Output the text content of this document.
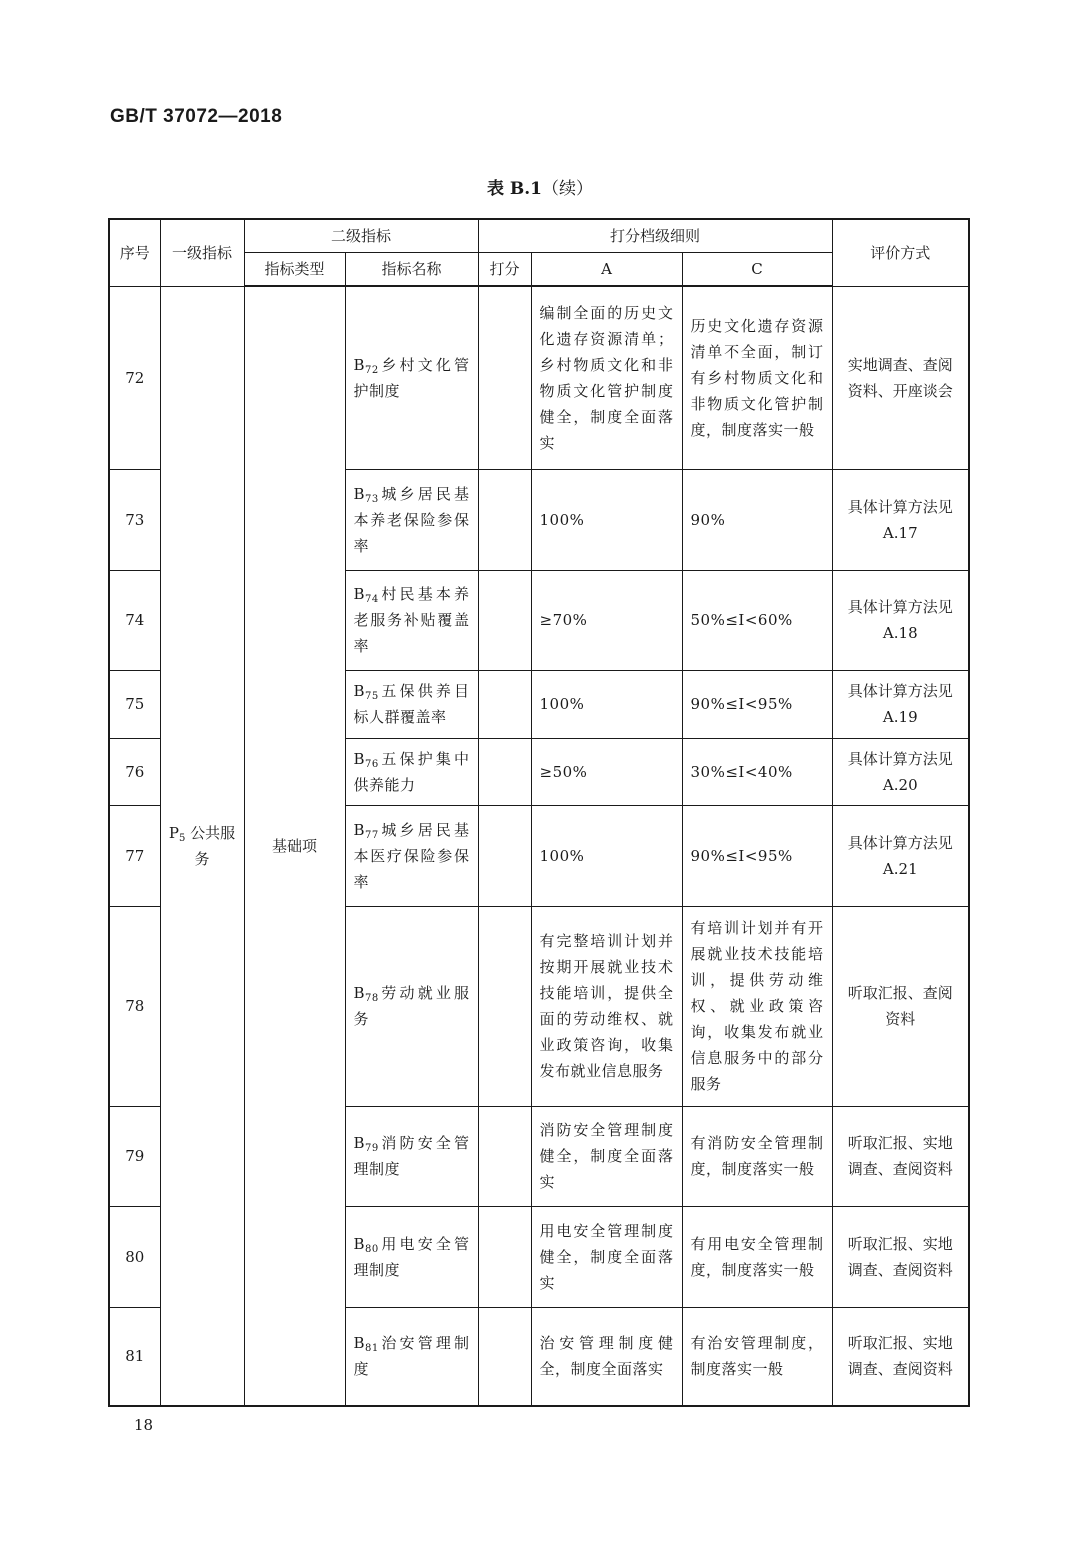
GB/T 37072—2018
表 B.1（续）
序号	一级指标	二级指标		打分档级细则			评价方式
		指标类型	指标名称	打分	A	C	
72	$P_5$ 公共服务	基础项	$B_{72}$乡村文化管护制度		编制全面的历史文化遗存资源清单；乡村物质文化和非物质文化管护制度健全，制度全面落实	历史文化遗存资源清单不全面，制订有乡村物质文化和非物质文化管护制度，制度落实一般	实地调查、查阅资料、开座谈会
73			$B_{73}$城乡居民基本养老保险参保率		100%	90%	具体计算方法见 A.17
74			$B_{74}$村民基本养老服务补贴覆盖率		≥70%	50%≤I<60%	具体计算方法见 A.18
75			$B_{75}$五保供养目标人群覆盖率		100%	90%≤I<95%	具体计算方法见 A.19
76			$B_{76}$五保护集中供养能力		≥50%	30%≤I<40%	具体计算方法见 A.20
77			$B_{77}$城乡居民基本医疗保险参保率		100%	90%≤I<95%	具体计算方法见 A.21
78			$B_{78}$劳动就业服务		有完整培训计划并按期开展就业技术技能培训，提供全面的劳动维权、就业政策咨询，收集发布就业信息服务	有培训计划并有开展就业技术技能培训，提供劳动维权、就业政策咨询，收集发布就业信息服务中的部分服务	听取汇报、查阅资料
79			$B_{79}$消防安全管理制度		消防安全管理制度健全，制度全面落实	有消防安全管理制度，制度落实一般	听取汇报、实地调查、查阅资料
80			$B_{80}$用电安全管理制度		用电安全管理制度健全，制度全面落实	有用电安全管理制度，制度落实一般	听取汇报、实地调查、查阅资料
81			$B_{81}$治安管理制度		治安管理制度健全，制度全面落实	有治安管理制度，制度落实一般	听取汇报、实地调查、查阅资料
18
